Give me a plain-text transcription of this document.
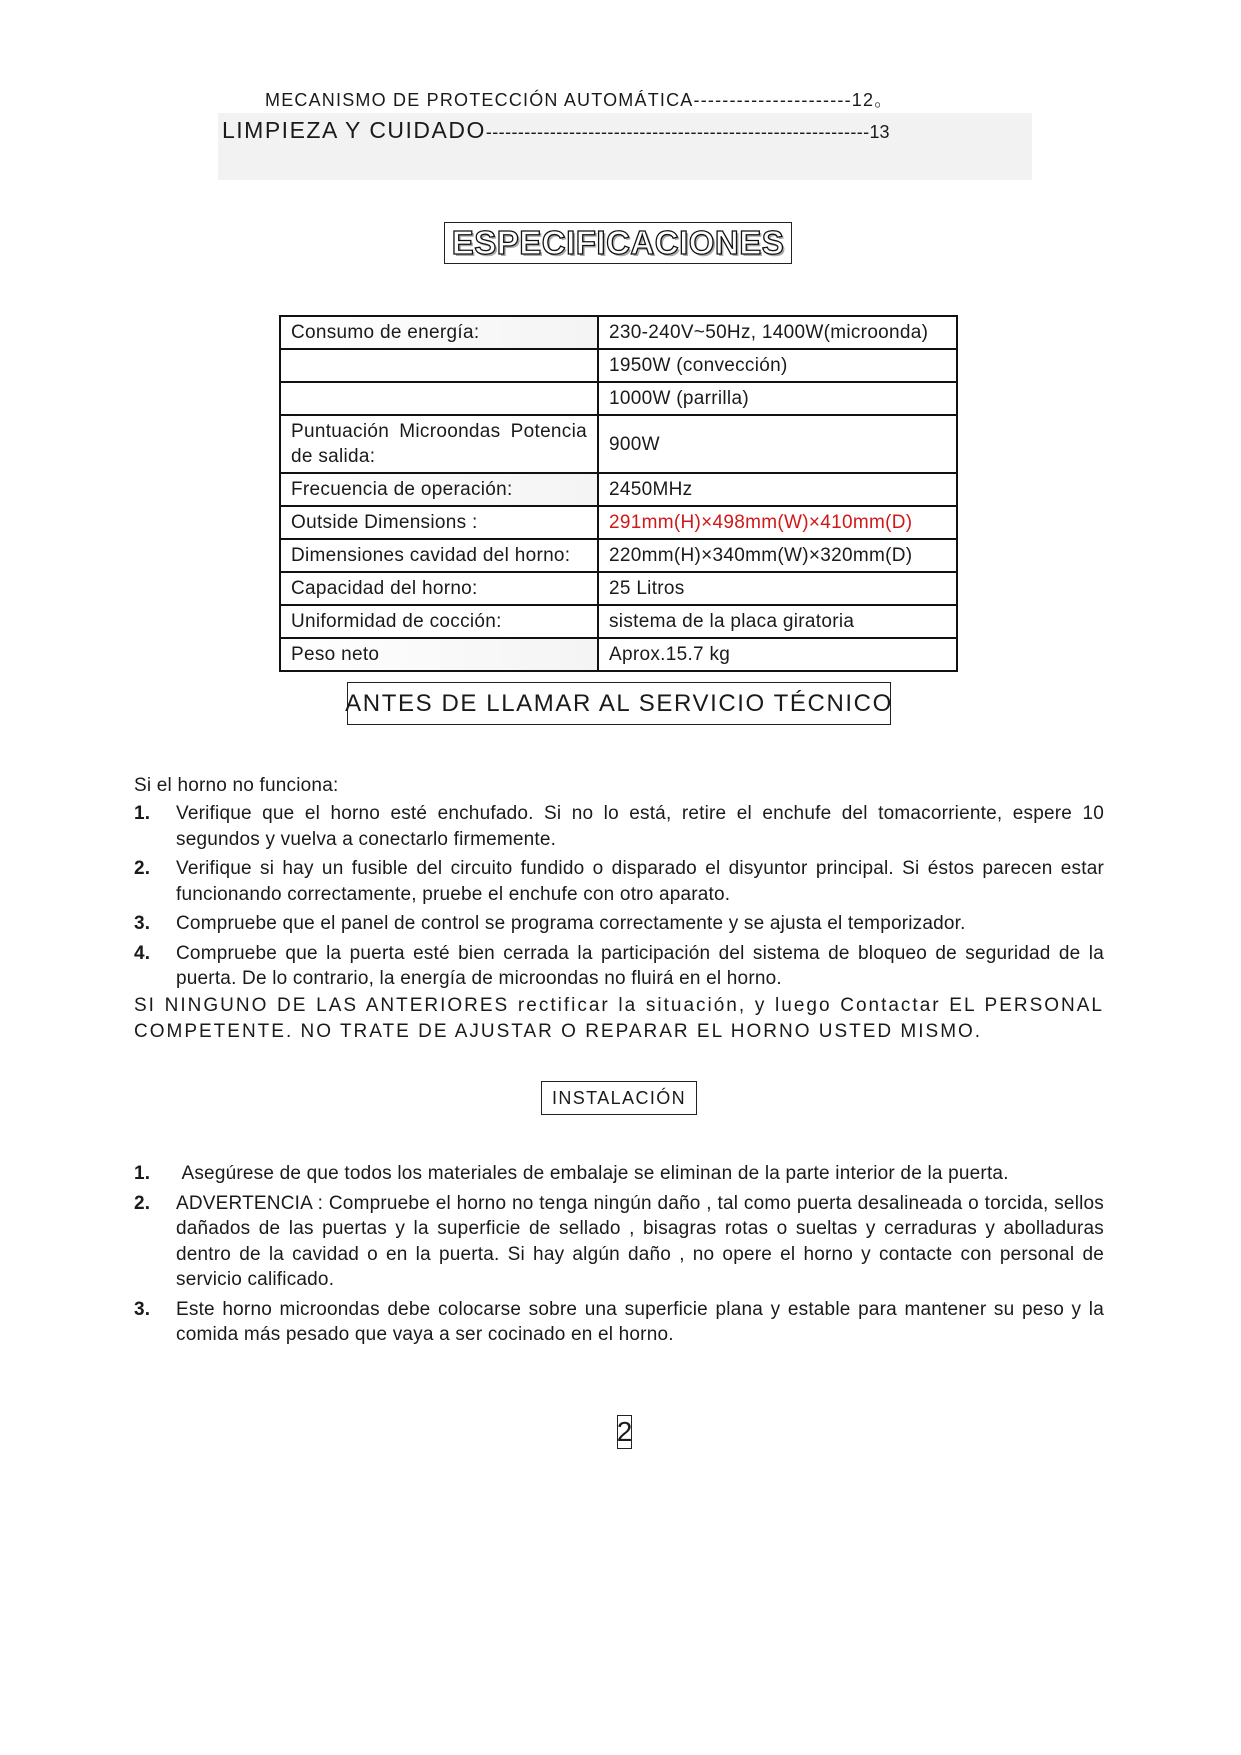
MECANISMO DE PROTECCIÓN AUTOMÁTICA----------------------12。
LIMPIEZA Y CUIDADO------------------------------------------------------------13
ESPECIFICACIONES
Consumo de energía:	230-240V~50Hz, 1400W(microonda)
	1950W (convección)
	1000W (parrilla)
Puntuación Microondas Potencia de salida:	900W
Frecuencia de operación:	2450MHz
Outside Dimensions :	291mm(H)×498mm(W)×410mm(D)
Dimensiones cavidad del horno:	220mm(H)×340mm(W)×320mm(D)
Capacidad del horno:	25 Litros
Uniformidad de cocción:	sistema de la placa giratoria
Peso neto	Aprox.15.7 kg
ANTES DE LLAMAR AL SERVICIO TÉCNICO
Si el horno no funciona:
1. Verifique que el horno esté enchufado. Si no lo está, retire el enchufe del tomacorriente, espere 10 segundos y vuelva a conectarlo firmemente.
2. Verifique si hay un fusible del circuito fundido o disparado el disyuntor principal. Si éstos parecen estar funcionando correctamente, pruebe el enchufe con otro aparato.
3. Compruebe que el panel de control se programa correctamente y se ajusta el temporizador.
4. Compruebe que la puerta esté bien cerrada la participación del sistema de bloqueo de seguridad de la puerta. De lo contrario, la energía de microondas no fluirá en el horno.
SI NINGUNO DE LAS ANTERIORES rectificar la situación, y luego Contactar EL PERSONAL COMPETENTE. NO TRATE DE AJUSTAR O REPARAR EL HORNO USTED MISMO.
INSTALACIÓN
1. Asegúrese de que todos los materiales de embalaje se eliminan de la parte interior de la puerta.
2. ADVERTENCIA : Compruebe el horno no tenga ningún daño , tal como puerta desalineada o torcida, sellos dañados de las puertas y la superficie de sellado , bisagras rotas o sueltas y cerraduras y abolladuras dentro de la cavidad o en la puerta. Si hay algún daño , no opere el horno y contacte con personal de servicio calificado.
3. Este horno microondas debe colocarse sobre una superficie plana y estable para mantener su peso y la comida más pesado que vaya a ser cocinado en el horno.
2
